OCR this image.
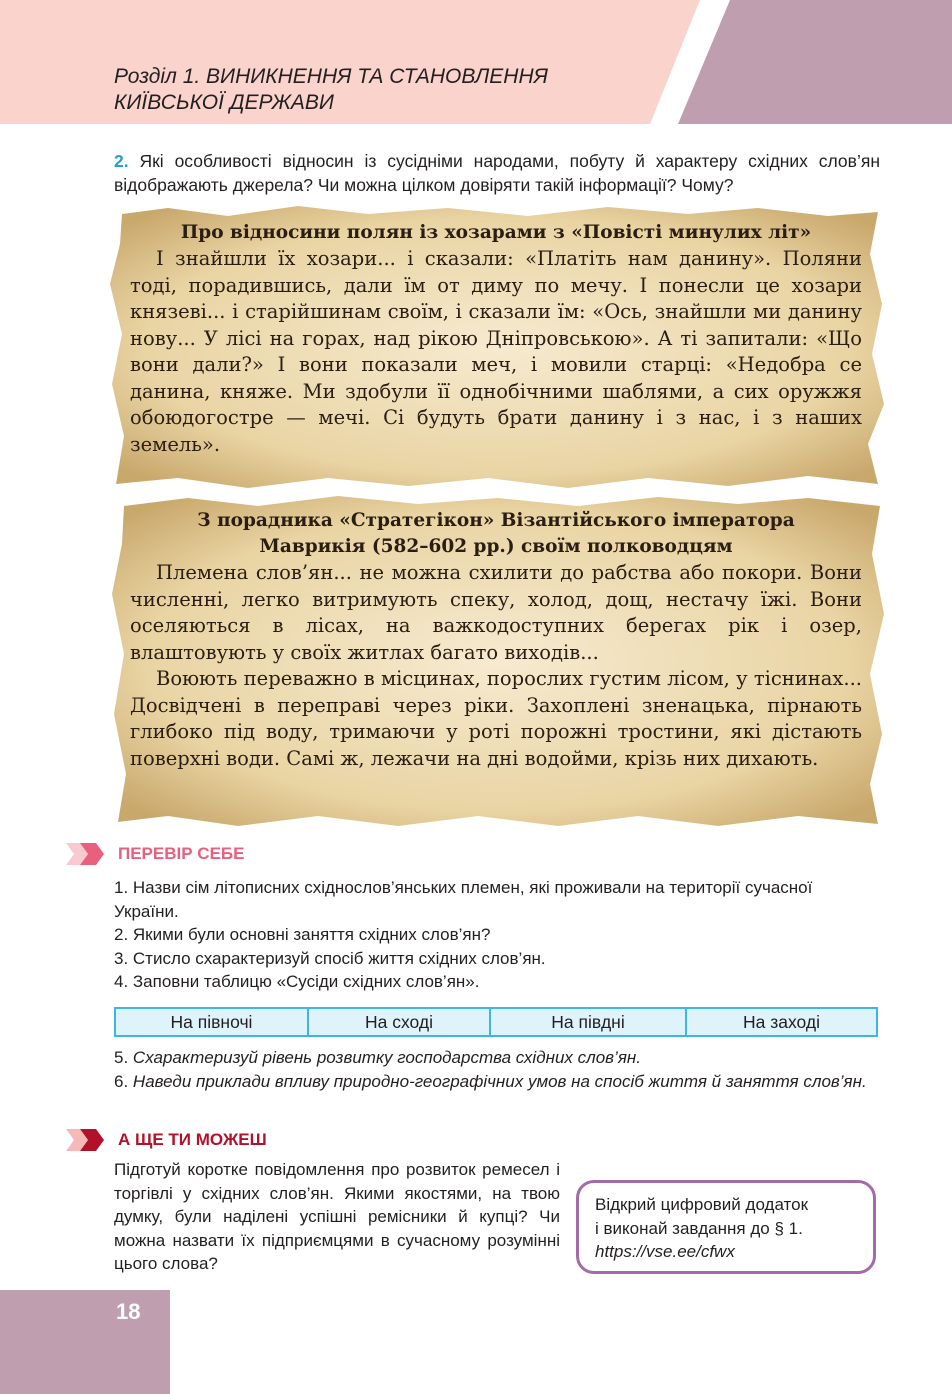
Розділ 1. ВИНИКНЕННЯ ТА СТАНОВЛЕННЯ
КИЇВСЬКОЇ ДЕРЖАВИ
2. Які особливості відносин із сусідніми народами, побуту й характеру східних слов’ян відображають джерела? Чи можна цілком довіряти такій інформації? Чому?
Про відносини полян із хозарами з «Повісті минулих літ»

І знайшли їх хозари... і сказали: «Платіть нам данину». Поляни тоді, порадившись, дали їм от диму по мечу. І понесли це хозари князеві... і старійшинам своїм, і сказали їм: «Ось, знайшли ми данину нову... У лісі на горах, над рікою Дніпровською». А ті запитали: «Що вони дали?» І вони показали меч, і мовили старці: «Недобра се данина, княже. Ми здобули її однобічними шаблями, а сих оружжя обоюдогостре — мечі. Сі будуть брати данину і з нас, і з наших земель».

З порадника «Стратегікон» Візантійського імператора
Маврикія (582–602 рр.) своїм полководцям

Племена слов’ян... не можна схилити до рабства або покори. Вони численні, легко витримують спеку, холод, дощ, нестачу їжі. Вони оселяються в лісах, на важкодоступних берегах рік і озер, влаштовують у своїх житлах багато виходів...

Воюють переважно в місцинах, порослих густим лісом, у тіснинах... Досвідчені в переправі через ріки. Захоплені зненацька, пірнають глибоко під воду, тримаючи у роті порожні тростини, які дістають поверхні води. Самі ж, лежачи на дні водойми, крізь них дихають.

ПЕРЕВІР СЕБЕ

1. Назви сім літописних східнослов’янських племен, які проживали на території сучасної України.

2. Якими були основні заняття східних слов’ян?

3. Стисло схарактеризуй спосіб життя східних слов’ян.

4. Заповни таблицю «Сусіди східних слов’ян».

На півночі	На сході	На півдні	На заході

5. Схарактеризуй рівень розвитку господарства східних слов’ян.

6. Наведи приклади впливу природно-географічних умов на спосіб життя й заняття слов’ян.

А ЩЕ ТИ МОЖЕШ
Підготуй коротке повідомлення про розвиток ремесел і торгівлі у східних слов’ян. Якими якостями, на твою думку, були наділені успішні ремісники й купці? Чи можна назвати їх підприємцями в сучасному розумінні цього слова?
Відкрий цифровий додаток
і виконай завдання до § 1.
https://vse.ee/cfwx
18
